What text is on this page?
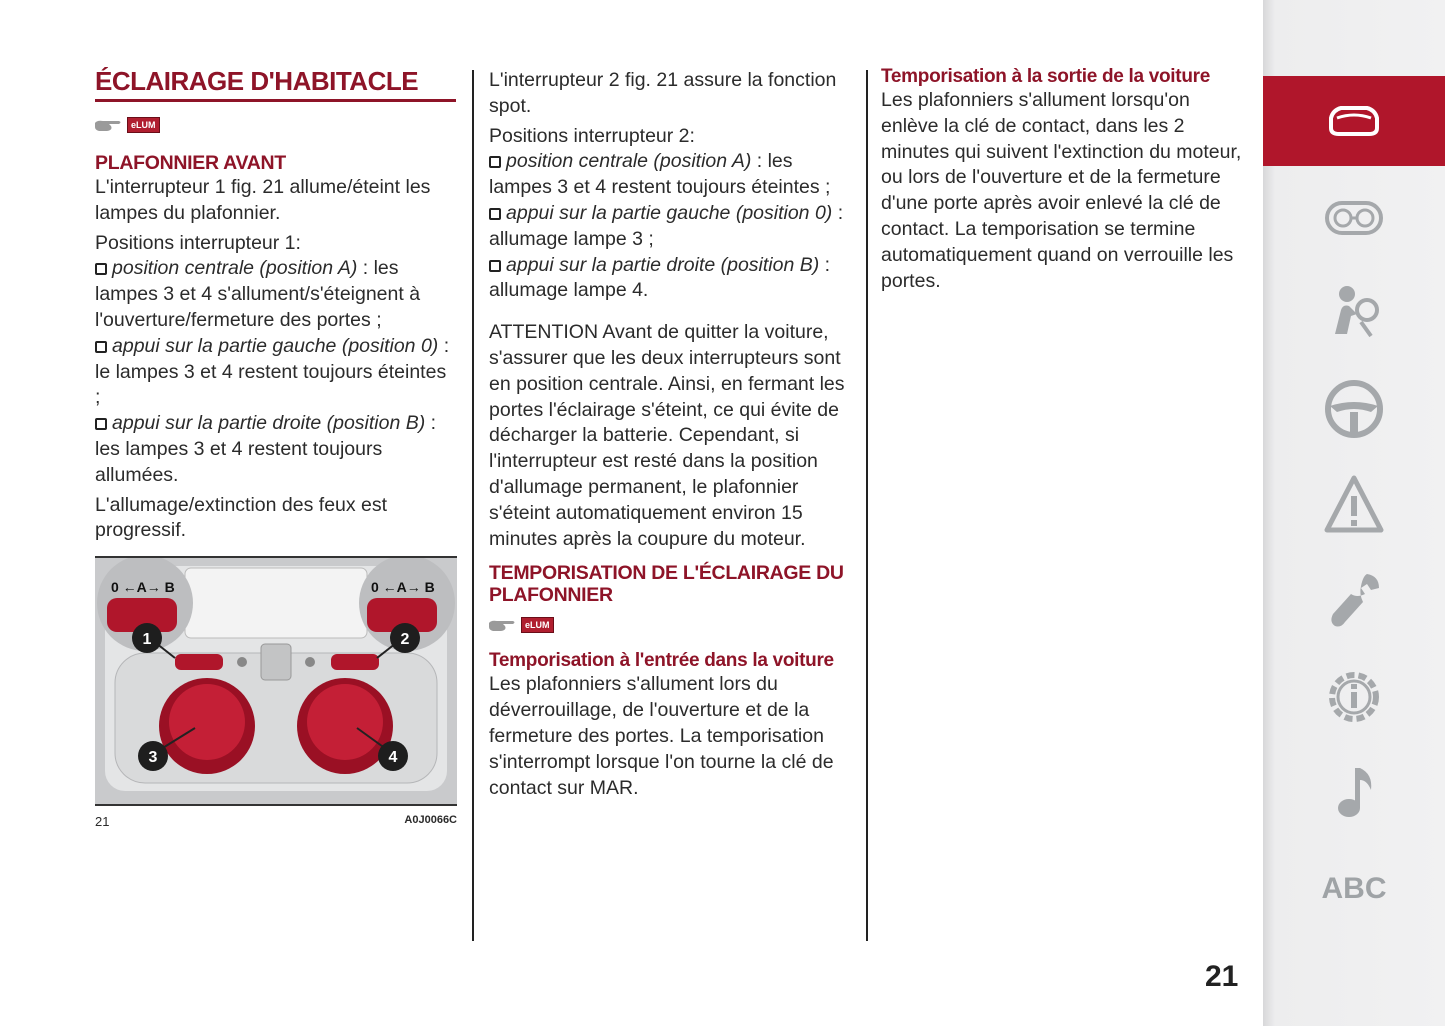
ÉCLAIRAGE D'HABITACLE
eLUM
PLAFONNIER AVANT

L'interrupteur 1 fig. 21 allume/éteint les lampes du plafonnier.

Positions interrupteur 1:

position centrale (position A) : les lampes 3 et 4 s'allument/s'éteignent à l'ouverture/fermeture des portes ;

appui sur la partie gauche (position 0) : le lampes 3 et 4 restent toujours éteintes ;

appui sur la partie droite (position B) : les lampes 3 et 4 restent toujours allumées.

L'allumage/extinction des feux est progressif.

1	2
3	4
0 ←A→ B	0 ←A→ B
21	A0J0066C

L'interrupteur 2 fig. 21 assure la fonction spot.

Positions interrupteur 2:

position centrale (position A) : les lampes 3 et 4 restent toujours éteintes ;

appui sur la partie gauche (position 0) : allumage lampe 3 ;

appui sur la partie droite (position B) : allumage lampe 4.

ATTENTION Avant de quitter la voiture, s'assurer que les deux interrupteurs sont en position centrale. Ainsi, en fermant les portes l'éclairage s'éteint, ce qui évite de décharger la batterie. Cependant, si l'interrupteur est resté dans la position d'allumage permanent, le plafonnier s'éteint automatiquement environ 15 minutes après la coupure du moteur.

TEMPORISATION DE L'ÉCLAIRAGE DU PLAFONNIER
eLUM
Temporisation à l'entrée dans la voiture

Les plafonniers s'allument lors du déverrouillage, de l'ouverture et de la fermeture des portes. La temporisation s'interrompt lorsque l'on tourne la clé de contact sur MAR.

Temporisation à la sortie de la voiture

Les plafonniers s'allument lorsqu'on enlève la clé de contact, dans les 2 minutes qui suivent l'extinction du moteur, ou lors de l'ouverture et de la fermeture d'une porte après avoir enlevé la clé de contact. La temporisation se termine automatiquement quand on verrouille les portes.

21
ABC
